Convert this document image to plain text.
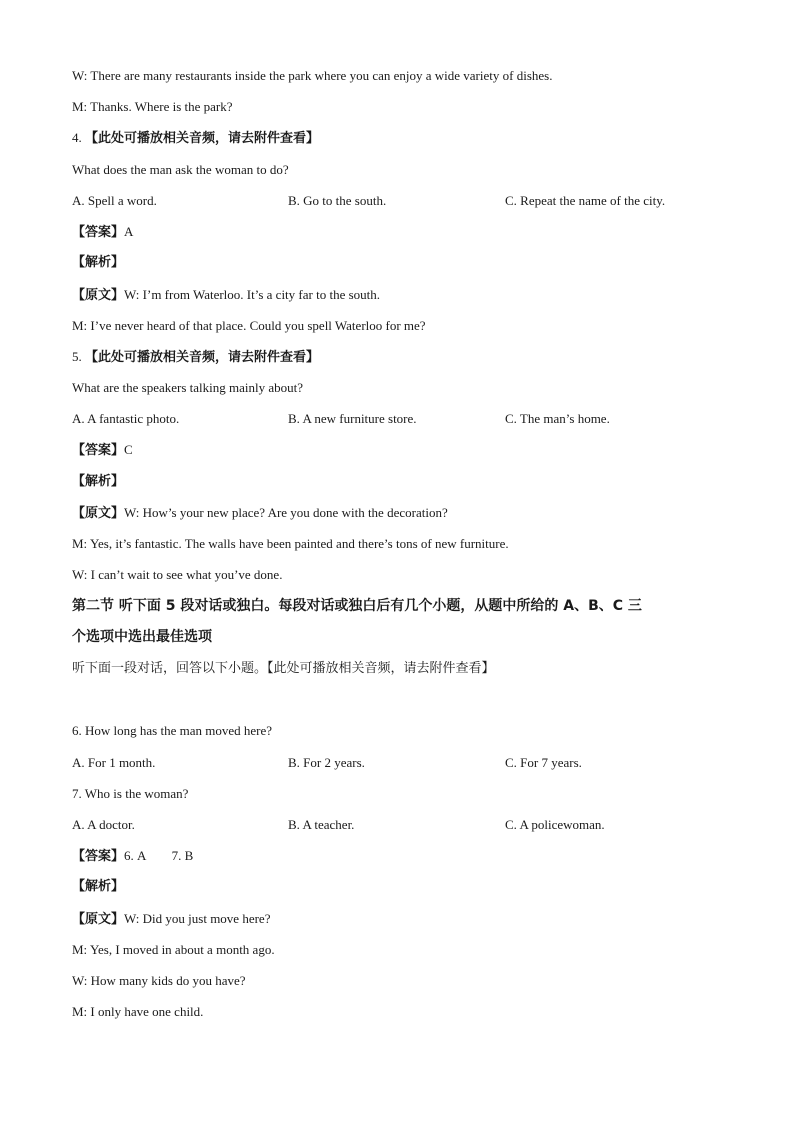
W: There are many restaurants inside the park where you can enjoy a wide variety of dishes.
M: Thanks. Where is the park?
4. 【此处可播放相关音频，请去附件查看】
What does the man ask the woman to do?
A. Spell a word.	B. Go to the south.	C. Repeat the name of the city.
【答案】A
【解析】
【原文】W: I’m from Waterloo. It’s a city far to the south.
M: I’ve never heard of that place. Could you spell Waterloo for me?
5. 【此处可播放相关音频，请去附件查看】
What are the speakers talking mainly about?
A. A fantastic photo.	B. A new furniture store.	C. The man’s home.
【答案】C
【解析】
【原文】W: How’s your new place? Are you done with the decoration?
M: Yes, it’s fantastic. The walls have been painted and there’s tons of new furniture.
W: I can’t wait to see what you’ve done.
第二节 听下面 5 段对话或独白。每段对话或独白后有几个小题，从题中所给的 A、B、C 三
个选项中选出最佳选项
听下面一段对话，回答以下小题。【此处可播放相关音频，请去附件查看】
6. How long has the man moved here?
A. For 1 month.	B. For 2 years.	C. For 7 years.
7. Who is the woman?
A. A doctor.	B. A teacher.	C. A policewoman.
【答案】6. A        7. B
【解析】
【原文】W: Did you just move here?
M: Yes, I moved in about a month ago.
W: How many kids do you have?
M: I only have one child.
